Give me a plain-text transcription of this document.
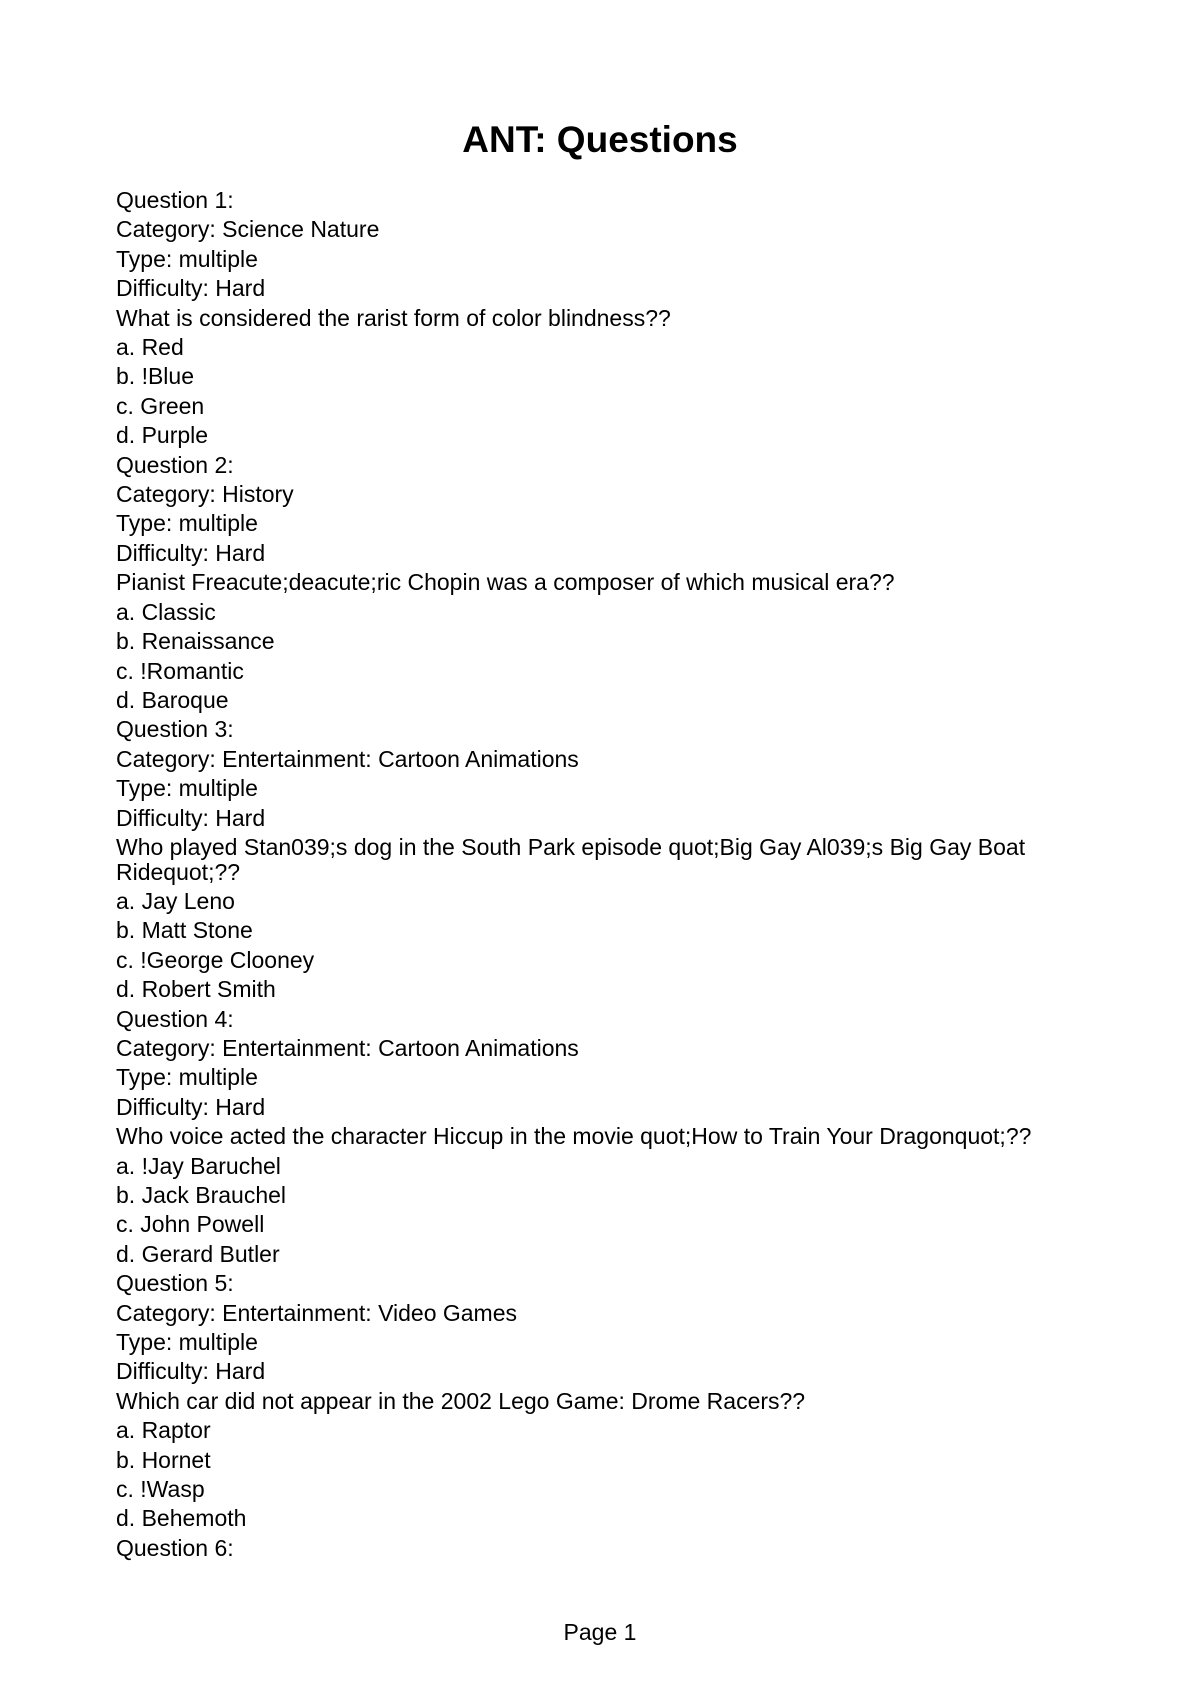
ANT: Questions
Question 1:
Category: Science Nature
Type: multiple
Difficulty: Hard
What is considered the rarist form of color blindness??
a. Red
b. !Blue
c. Green
d. Purple
Question 2:
Category: History
Type: multiple
Difficulty: Hard
Pianist Freacute;deacute;ric Chopin was a composer of which musical era??
a. Classic
b. Renaissance
c. !Romantic
d. Baroque
Question 3:
Category: Entertainment: Cartoon Animations
Type: multiple
Difficulty: Hard
Who played Stan039;s dog in the South Park episode quot;Big Gay Al039;s Big Gay Boat Ridequot;??
a. Jay Leno
b. Matt Stone
c. !George Clooney
d. Robert Smith
Question 4:
Category: Entertainment: Cartoon Animations
Type: multiple
Difficulty: Hard
Who voice acted the character Hiccup in the movie quot;How to Train Your Dragonquot;??
a. !Jay Baruchel
b. Jack Brauchel
c. John Powell
d. Gerard Butler
Question 5:
Category: Entertainment: Video Games
Type: multiple
Difficulty: Hard
Which car did not appear in the 2002 Lego Game: Drome Racers??
a. Raptor
b. Hornet
c. !Wasp
d. Behemoth
Question 6:
Page 1
